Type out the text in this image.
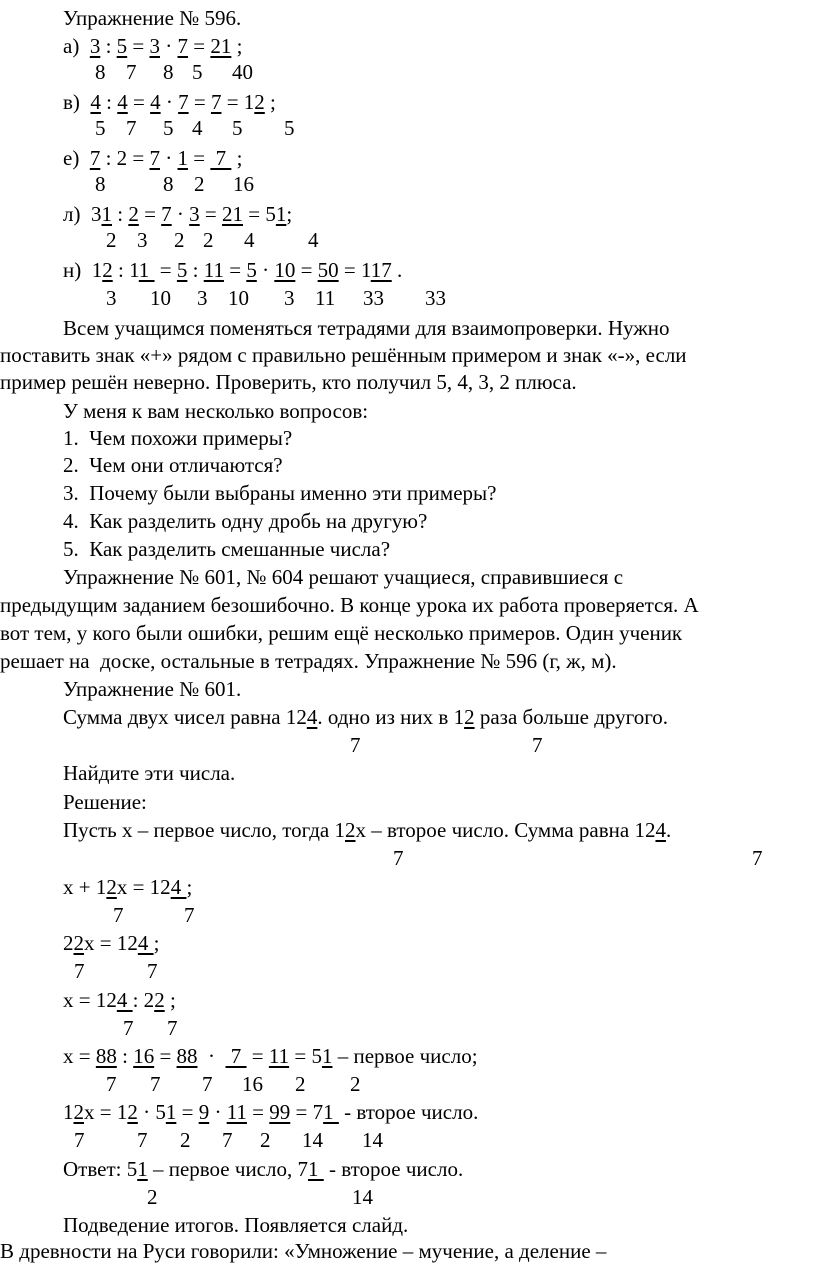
Упражнение № 596.
а) 3 : 5 = 3 · 7 = 21 ;
8 7 8 5 40
в) 4 : 4 = 4 · 7 = 7 = 12 ;
5 7 5 4 5 5
е) 7 : 2 = 7 · 1 =  7  ;
8	8 2 16
л) 31 : 2 = 7 · 3 = 21 = 51;
2 3 2 2 4	4
н) 12 : 11  = 5 : 11 = 5 · 10 = 50 = 117 .
3 10 3 10 3 11 33 33
Всем учащимся поменяться тетрадями для взаимопроверки. Нужно
поставить знак «+» рядом с правильно решённым примером и знак «-», если
пример решён неверно. Проверить, кто получил 5, 4, 3, 2 плюса.
У меня к вам несколько вопросов:
1. Чем похожи примеры?
2. Чем они отличаются?
3. Почему были выбраны именно эти примеры?
4. Как разделить одну дробь на другую?
5. Как разделить смешанные числа?
Упражнение № 601, № 604 решают учащиеся, справившиеся с
предыдущим заданием безошибочно. В конце урока их работа проверяется. А
вот тем, у кого были ошибки, решим ещё несколько примеров. Один ученик
решает на  доске, остальные в тетрадях. Упражнение № 596 (г, ж, м).
Упражнение № 601.
Сумма двух чисел равна 124. одно из них в 12 раза больше другого.
7	7
Найдите эти числа.
Решение:
Пусть х – первое число, тогда 12х – второе число. Сумма равна 124.
7	7
х + 12х = 124 ;
7	7
22х = 124 ;
7	7
х = 124 : 22 ;
7 7
х = 88 : 16 = 88  ·   7  = 11 = 51 – первое число;
7 7 7 16 2 2
12х = 12 · 51 = 9 · 11 = 99 = 71  - второе число.
7	7 2 7 2 14 14
Ответ: 51 – первое число, 71  - второе число.
2	14
Подведение итогов. Появляется слайд.
В древности на Руси говорили: «Умножение – мучение, а деление –
